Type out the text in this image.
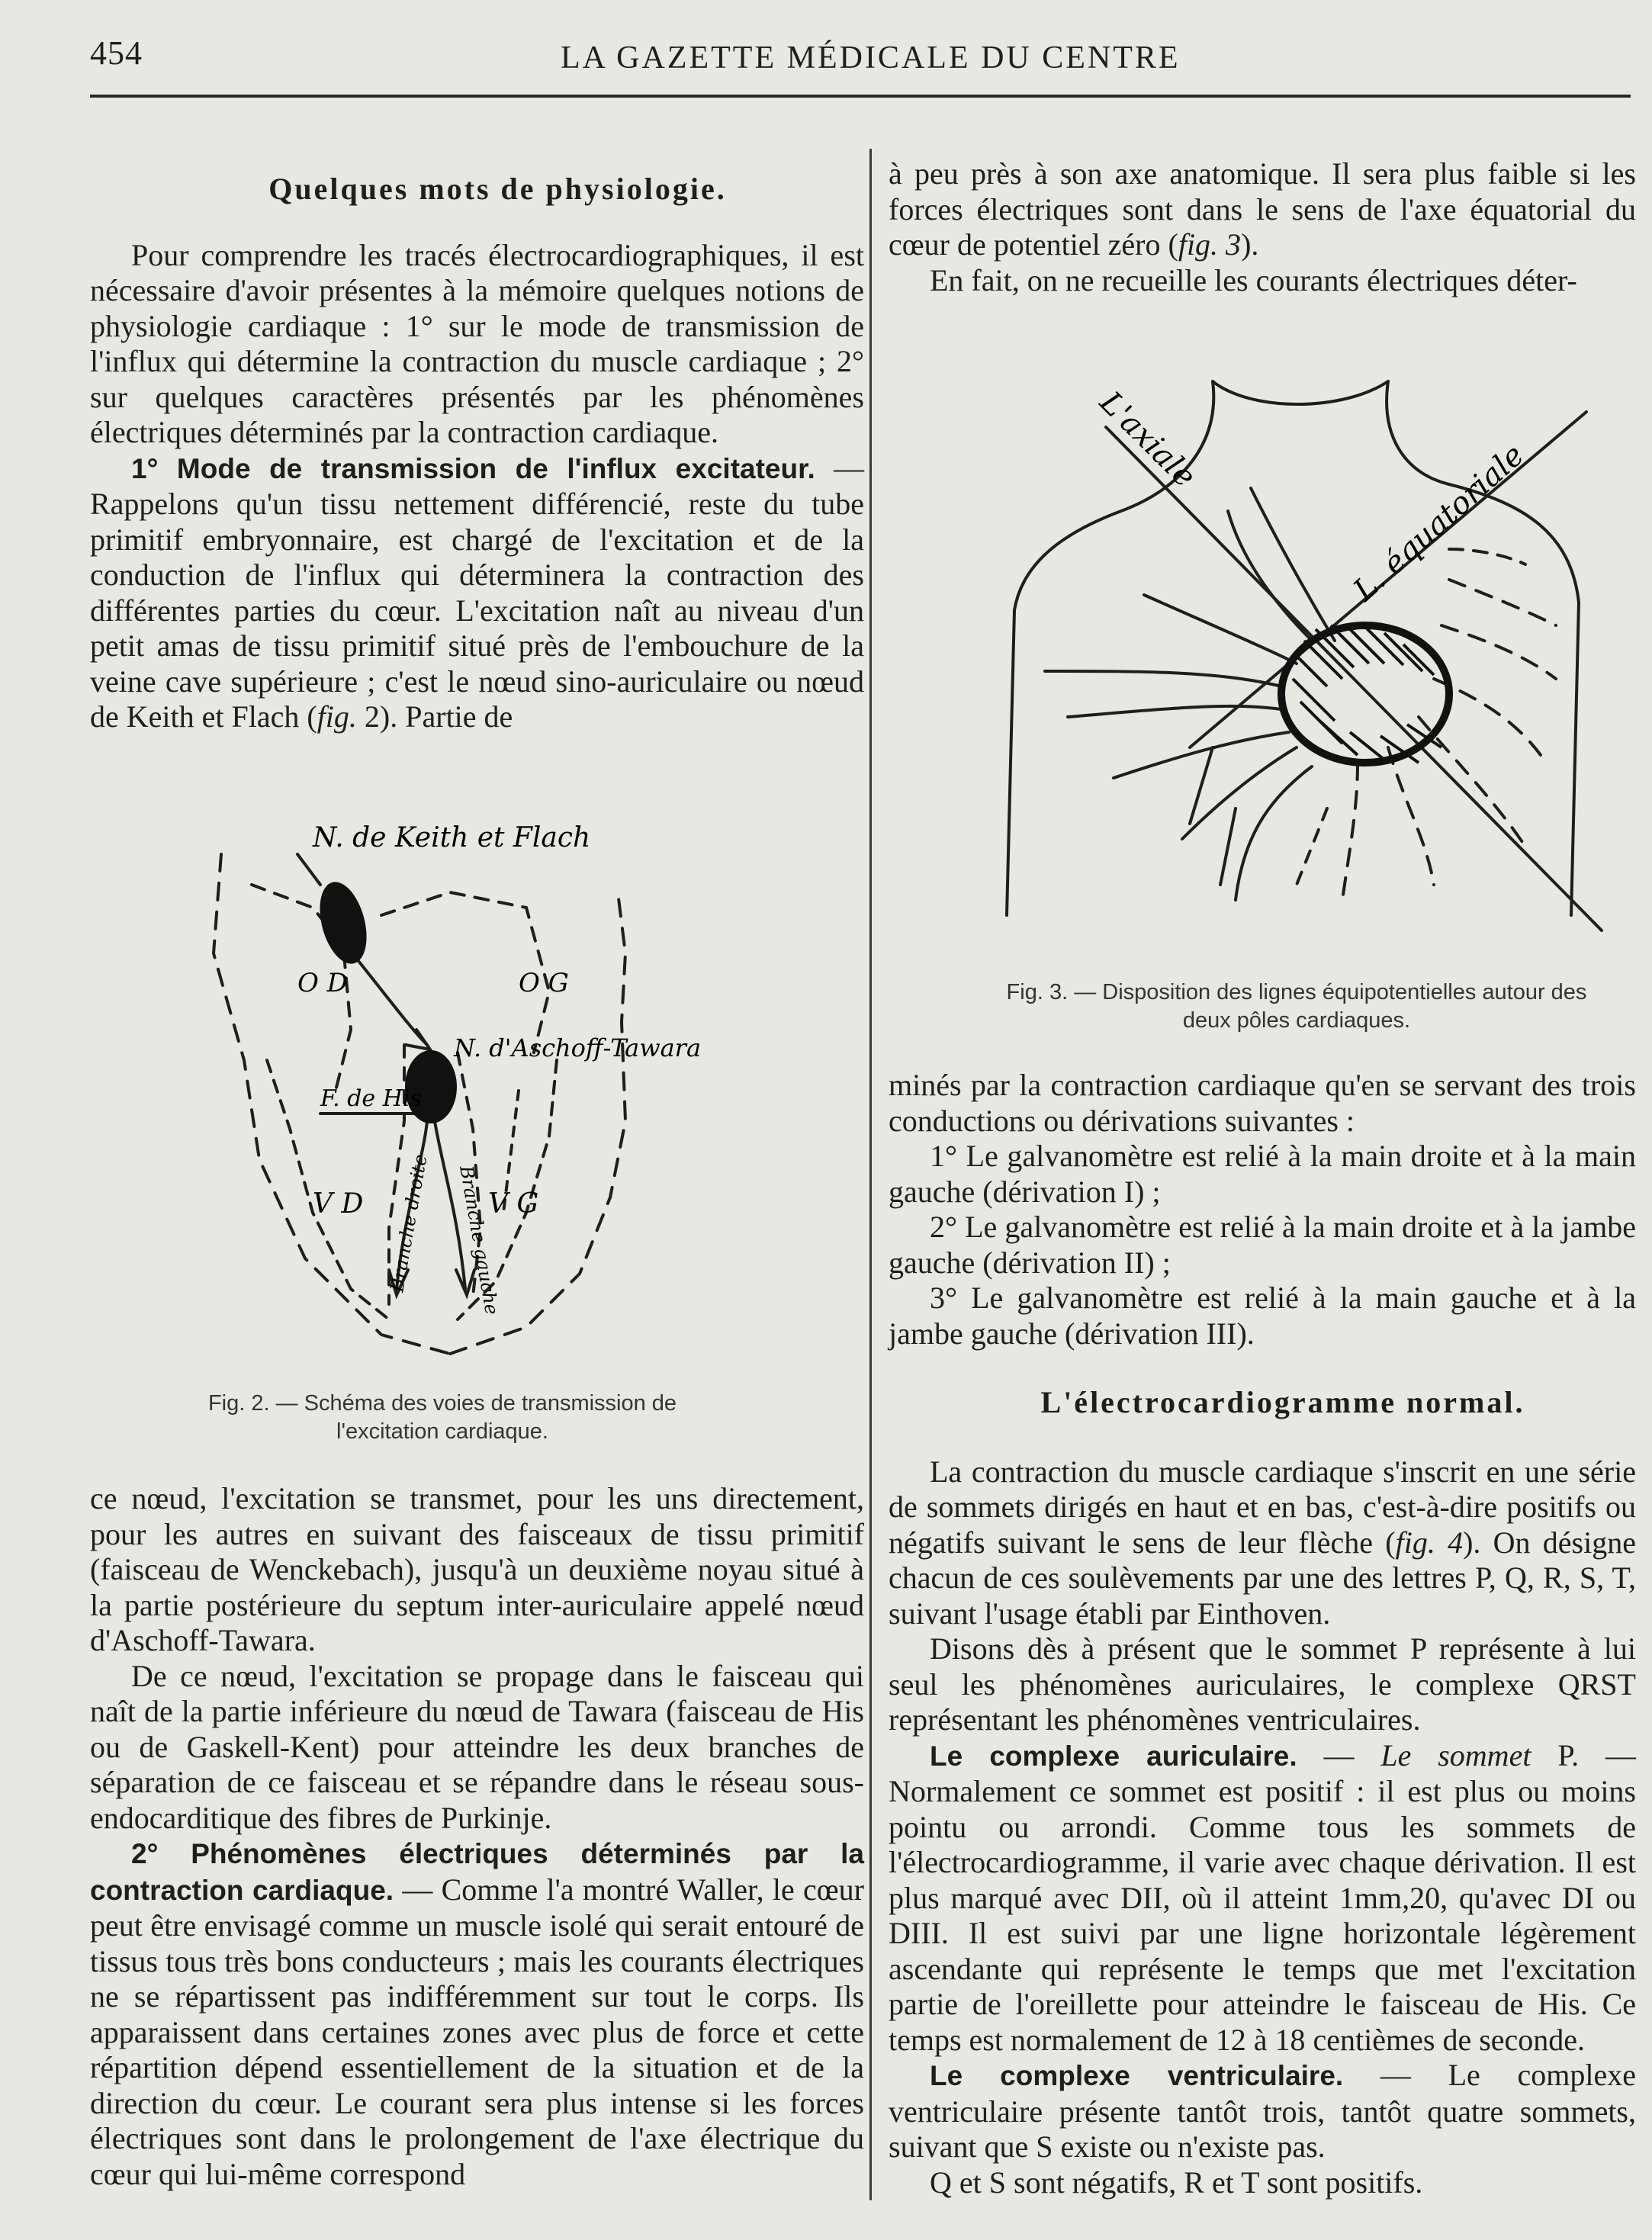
454	LA GAZETTE MÉDICALE DU CENTRE

Quelques mots de physiologie.

Pour comprendre les tracés électrocardiographiques, il est nécessaire d'avoir présentes à la mémoire quelques notions de physiologie cardiaque : 1° sur le mode de transmission de l'influx qui détermine la contraction du muscle cardiaque ; 2° sur quelques caractères présentés par les phénomènes électriques déterminés par la contraction cardiaque.

1° Mode de transmission de l'influx excitateur. — Rappelons qu'un tissu nettement différencié, reste du tube primitif embryonnaire, est chargé de l'excitation et de la conduction de l'influx qui déterminera la contraction des différentes parties du cœur. L'excitation naît au niveau d'un petit amas de tissu primitif situé près de l'embouchure de la veine cave supérieure ; c'est le nœud sino-auriculaire ou nœud de Keith et Flach (fig. 2). Partie de

N. de Keith et Flach
O D	O G
N. d'Aschoff-Tawara
F. de His
V D	V G
Branche droite Branche gauche
Fig. 2. — Schéma des voies de transmission de l'excitation cardiaque.

ce nœud, l'excitation se transmet, pour les uns directement, pour les autres en suivant des faisceaux de tissu primitif (faisceau de Wenckebach), jusqu'à un deuxième noyau situé à la partie postérieure du septum inter-auriculaire appelé nœud d'Aschoff-Tawara.

De ce nœud, l'excitation se propage dans le faisceau qui naît de la partie inférieure du nœud de Tawara (faisceau de His ou de Gaskell-Kent) pour atteindre les deux branches de séparation de ce faisceau et se répandre dans le réseau sous-endocarditique des fibres de Purkinje.

2° Phénomènes électriques déterminés par la contraction cardiaque. — Comme l'a montré Waller, le cœur peut être envisagé comme un muscle isolé qui serait entouré de tissus tous très bons conducteurs ; mais les courants électriques ne se répartissent pas indifféremment sur tout le corps. Ils apparaissent dans certaines zones avec plus de force et cette répartition dépend essentiellement de la situation et de la direction du cœur. Le courant sera plus intense si les forces électriques sont dans le prolongement de l'axe électrique du cœur qui lui-même correspond

à peu près à son axe anatomique. Il sera plus faible si les forces électriques sont dans le sens de l'axe équatorial du cœur de potentiel zéro (fig. 3).

En fait, on ne recueille les courants électriques déter-

L'axiale	L. équatoriale
Fig. 3. — Disposition des lignes équipotentielles autour des deux pôles cardiaques.

minés par la contraction cardiaque qu'en se servant des trois conductions ou dérivations suivantes :

1° Le galvanomètre est relié à la main droite et à la main gauche (dérivation I) ;

2° Le galvanomètre est relié à la main droite et à la jambe gauche (dérivation II) ;

3° Le galvanomètre est relié à la main gauche et à la jambe gauche (dérivation III).

L'électrocardiogramme normal.

La contraction du muscle cardiaque s'inscrit en une série de sommets dirigés en haut et en bas, c'est-à-dire positifs ou négatifs suivant le sens de leur flèche (fig. 4). On désigne chacun de ces soulèvements par une des lettres P, Q, R, S, T, suivant l'usage établi par Einthoven.

Disons dès à présent que le sommet P représente à lui seul les phénomènes auriculaires, le complexe QRST représentant les phénomènes ventriculaires.

Le complexe auriculaire. — Le sommet P. — Normalement ce sommet est positif : il est plus ou moins pointu ou arrondi. Comme tous les sommets de l'électrocardiogramme, il varie avec chaque dérivation. Il est plus marqué avec DII, où il atteint 1mm,20, qu'avec DI ou DIII. Il est suivi par une ligne horizontale légèrement ascendante qui représente le temps que met l'excitation partie de l'oreillette pour atteindre le faisceau de His. Ce temps est normalement de 12 à 18 centièmes de seconde.

Le complexe ventriculaire. — Le complexe ventriculaire présente tantôt trois, tantôt quatre sommets, suivant que S existe ou n'existe pas.

Q et S sont négatifs, R et T sont positifs.
